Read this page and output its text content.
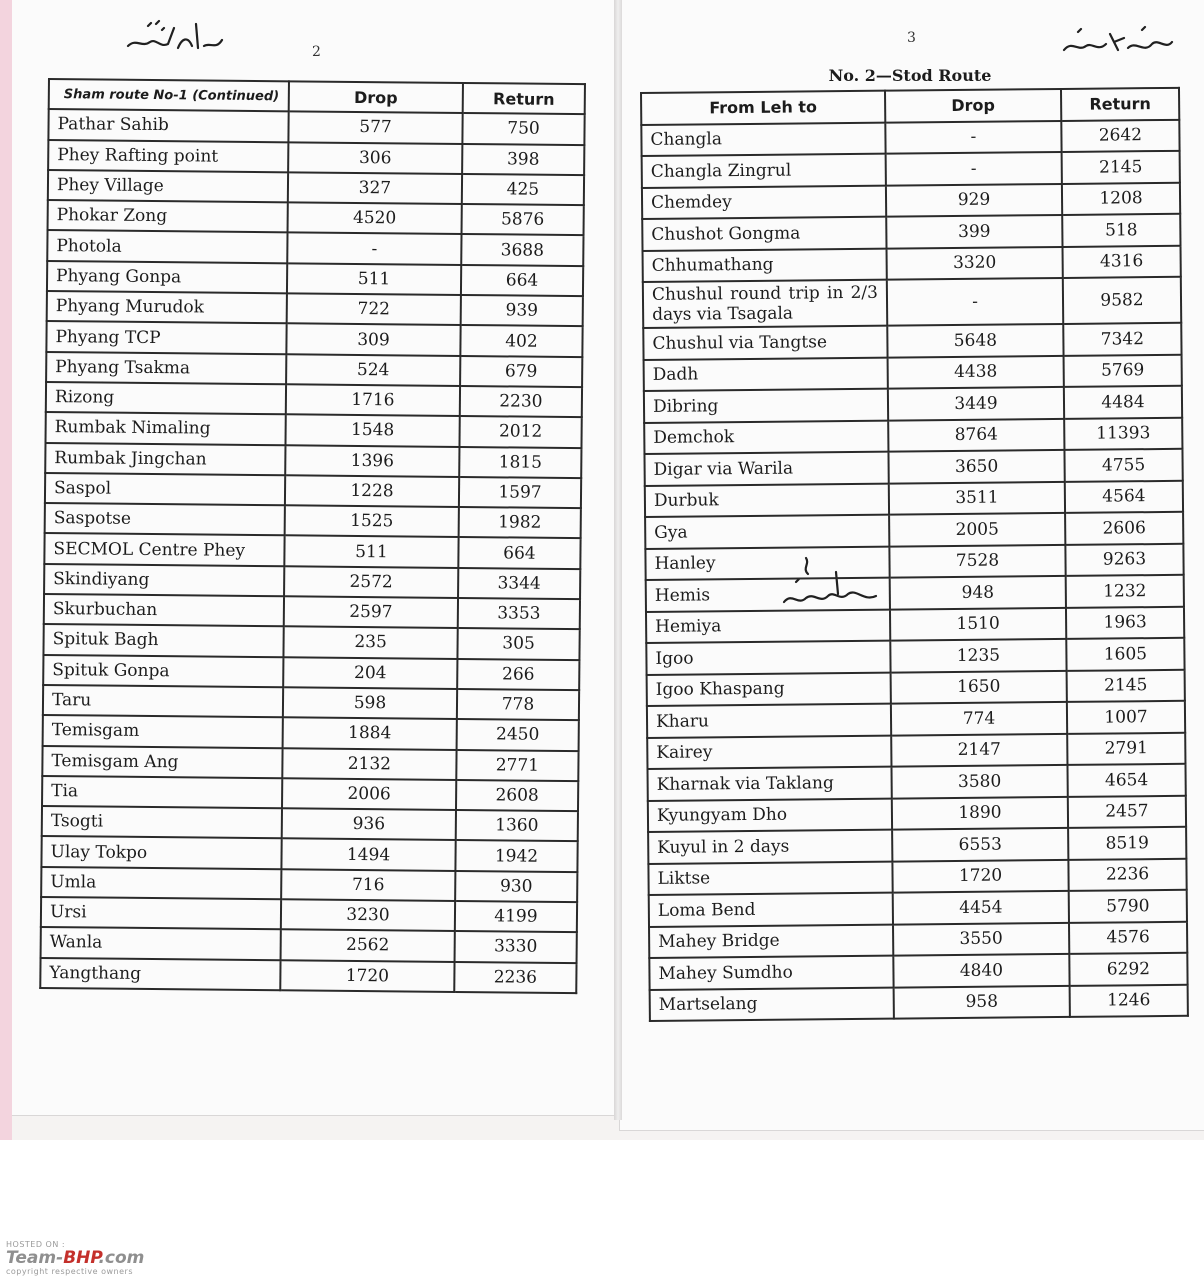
2
3
No. 2—Stod Route
Sham route No-1 (Continued)	Drop	Return
Pathar Sahib	577	750
Phey Rafting point	306	398
Phey Village	327	425
Phokar Zong	4520	5876
Photola	-	3688
Phyang Gonpa	511	664
Phyang Murudok	722	939
Phyang TCP	309	402
Phyang Tsakma	524	679
Rizong	1716	2230
Rumbak Nimaling	1548	2012
Rumbak Jingchan	1396	1815
Saspol	1228	1597
Saspotse	1525	1982
SECMOL Centre Phey	511	664
Skindiyang	2572	3344
Skurbuchan	2597	3353
Spituk Bagh	235	305
Spituk Gonpa	204	266
Taru	598	778
Temisgam	1884	2450
Temisgam Ang	2132	2771
Tia	2006	2608
Tsogti	936	1360
Ulay Tokpo	1494	1942
Umla	716	930
Ursi	3230	4199
Wanla	2562	3330
Yangthang	1720	2236
From Leh to	Drop	Return
Changla	-	2642
Changla Zingrul	-	2145
Chemdey	929	1208
Chushot Gongma	399	518
Chhumathang	3320	4316
Chushul round trip in 2/3 days via Tsagala	-	9582
Chushul via Tangtse	5648	7342
Dadh	4438	5769
Dibring	3449	4484
Demchok	8764	11393
Digar via Warila	3650	4755
Durbuk	3511	4564
Gya	2005	2606
Hanley	7528	9263
Hemis	948	1232
Hemiya	1510	1963
Igoo	1235	1605
Igoo Khaspang	1650	2145
Kharu	774	1007
Kairey	2147	2791
Kharnak via Taklang	3580	4654
Kyungyam Dho	1890	2457
Kuyul in 2 days	6553	8519
Liktse	1720	2236
Loma Bend	4454	5790
Mahey Bridge	3550	4576
Mahey Sumdho	4840	6292
Martselang	958	1246
HOSTED ON :
Team-BHP.com
copyright respective owners
